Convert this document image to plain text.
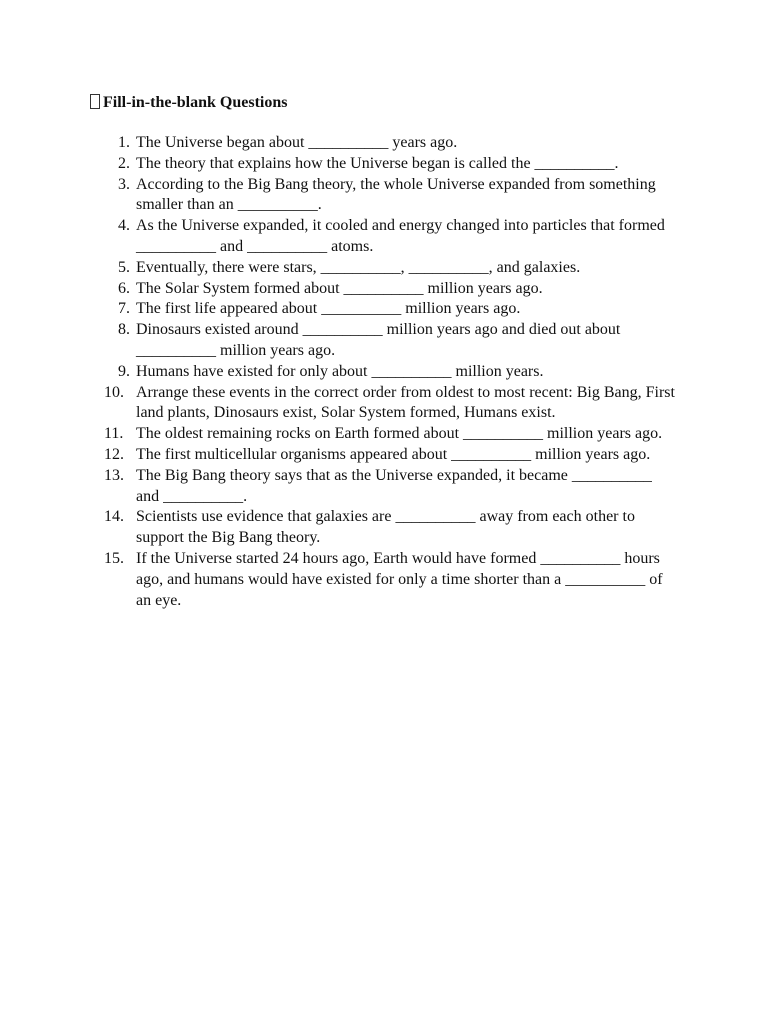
Fill-in-the-blank Questions
1. The Universe began about __________ years ago.
2. The theory that explains how the Universe began is called the __________.
3. According to the Big Bang theory, the whole Universe expanded from something smaller than an __________.
4. As the Universe expanded, it cooled and energy changed into particles that formed __________ and __________ atoms.
5. Eventually, there were stars, __________, __________, and galaxies.
6. The Solar System formed about __________ million years ago.
7. The first life appeared about __________ million years ago.
8. Dinosaurs existed around __________ million years ago and died out about __________ million years ago.
9. Humans have existed for only about __________ million years.
10. Arrange these events in the correct order from oldest to most recent: Big Bang, First land plants, Dinosaurs exist, Solar System formed, Humans exist.
11. The oldest remaining rocks on Earth formed about __________ million years ago.
12. The first multicellular organisms appeared about __________ million years ago.
13. The Big Bang theory says that as the Universe expanded, it became __________ and __________.
14. Scientists use evidence that galaxies are __________ away from each other to support the Big Bang theory.
15. If the Universe started 24 hours ago, Earth would have formed __________ hours ago, and humans would have existed for only a time shorter than a __________ of an eye.
